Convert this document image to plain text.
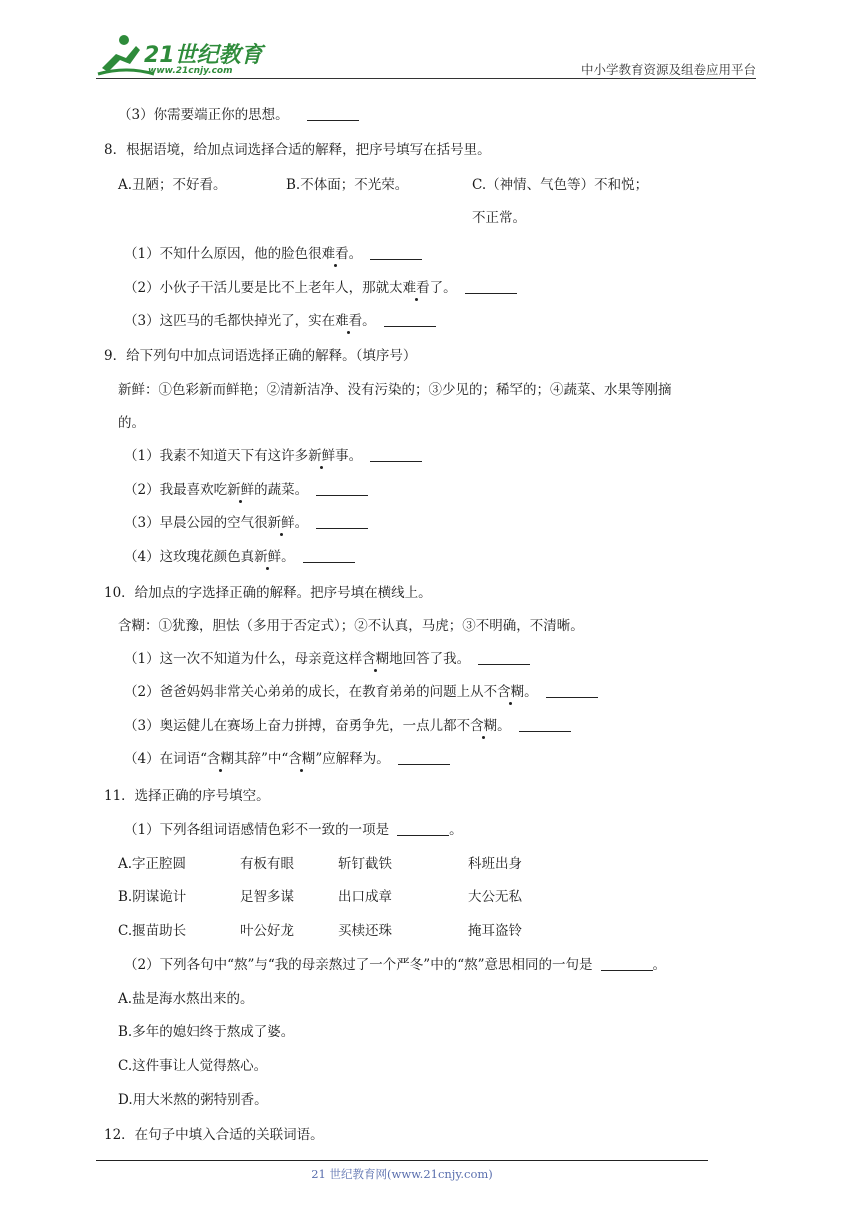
21世纪教育
www.21cnjy.com	中小学教育资源及组卷应用平台
（3）你需要端正你的思想。
8．根据语境，给加点词选择合适的解释，把序号填写在括号里。
A.丑陋；不好看。	B.不体面；不光荣。	C.（神情、气色等）不和悦；
不正常。
（1）不知什么原因，他的脸色很难看。
（2）小伙子干活儿要是比不上老年人，那就太难看了。
（3）这匹马的毛都快掉光了，实在难看。
9．给下列句中加点词语选择正确的解释。（填序号）
新鲜：①色彩新而鲜艳；②清新洁净、没有污染的；③少见的；稀罕的；④蔬菜、水果等刚摘
的。
（1）我素不知道天下有这许多新鲜事。
（2）我最喜欢吃新鲜的蔬菜。
（3）早晨公园的空气很新鲜。
（4）这玫瑰花颜色真新鲜。
10．给加点的字选择正确的解释。把序号填在横线上。
含糊：①犹豫，胆怯（多用于否定式）；②不认真，马虎；③不明确，不清晰。
（1）这一次不知道为什么，母亲竟这样含糊地回答了我。
（2）爸爸妈妈非常关心弟弟的成长，在教育弟弟的问题上从不含糊。
（3）奥运健儿在赛场上奋力拼搏，奋勇争先，一点儿都不含糊。
（4）在词语“含糊其辞”中“含糊”应解释为。
11．选择正确的序号填空。
（1）下列各组词语感情色彩不一致的一项是	。
A.字正腔圆	有板有眼	斩钉截铁	科班出身
B.阴谋诡计	足智多谋	出口成章	大公无私
C.揠苗助长	叶公好龙	买椟还珠	掩耳盗铃
（2）下列各句中“熬”与“我的母亲熬过了一个严冬”中的“熬”意思相同的一句是	。
A.盐是海水熬出来的。
B.多年的媳妇终于熬成了婆。
C.这件事让人觉得熬心。
D.用大米熬的粥特别香。
12．在句子中填入合适的关联词语。
21 世纪教育网(www.21cnjy.com)
